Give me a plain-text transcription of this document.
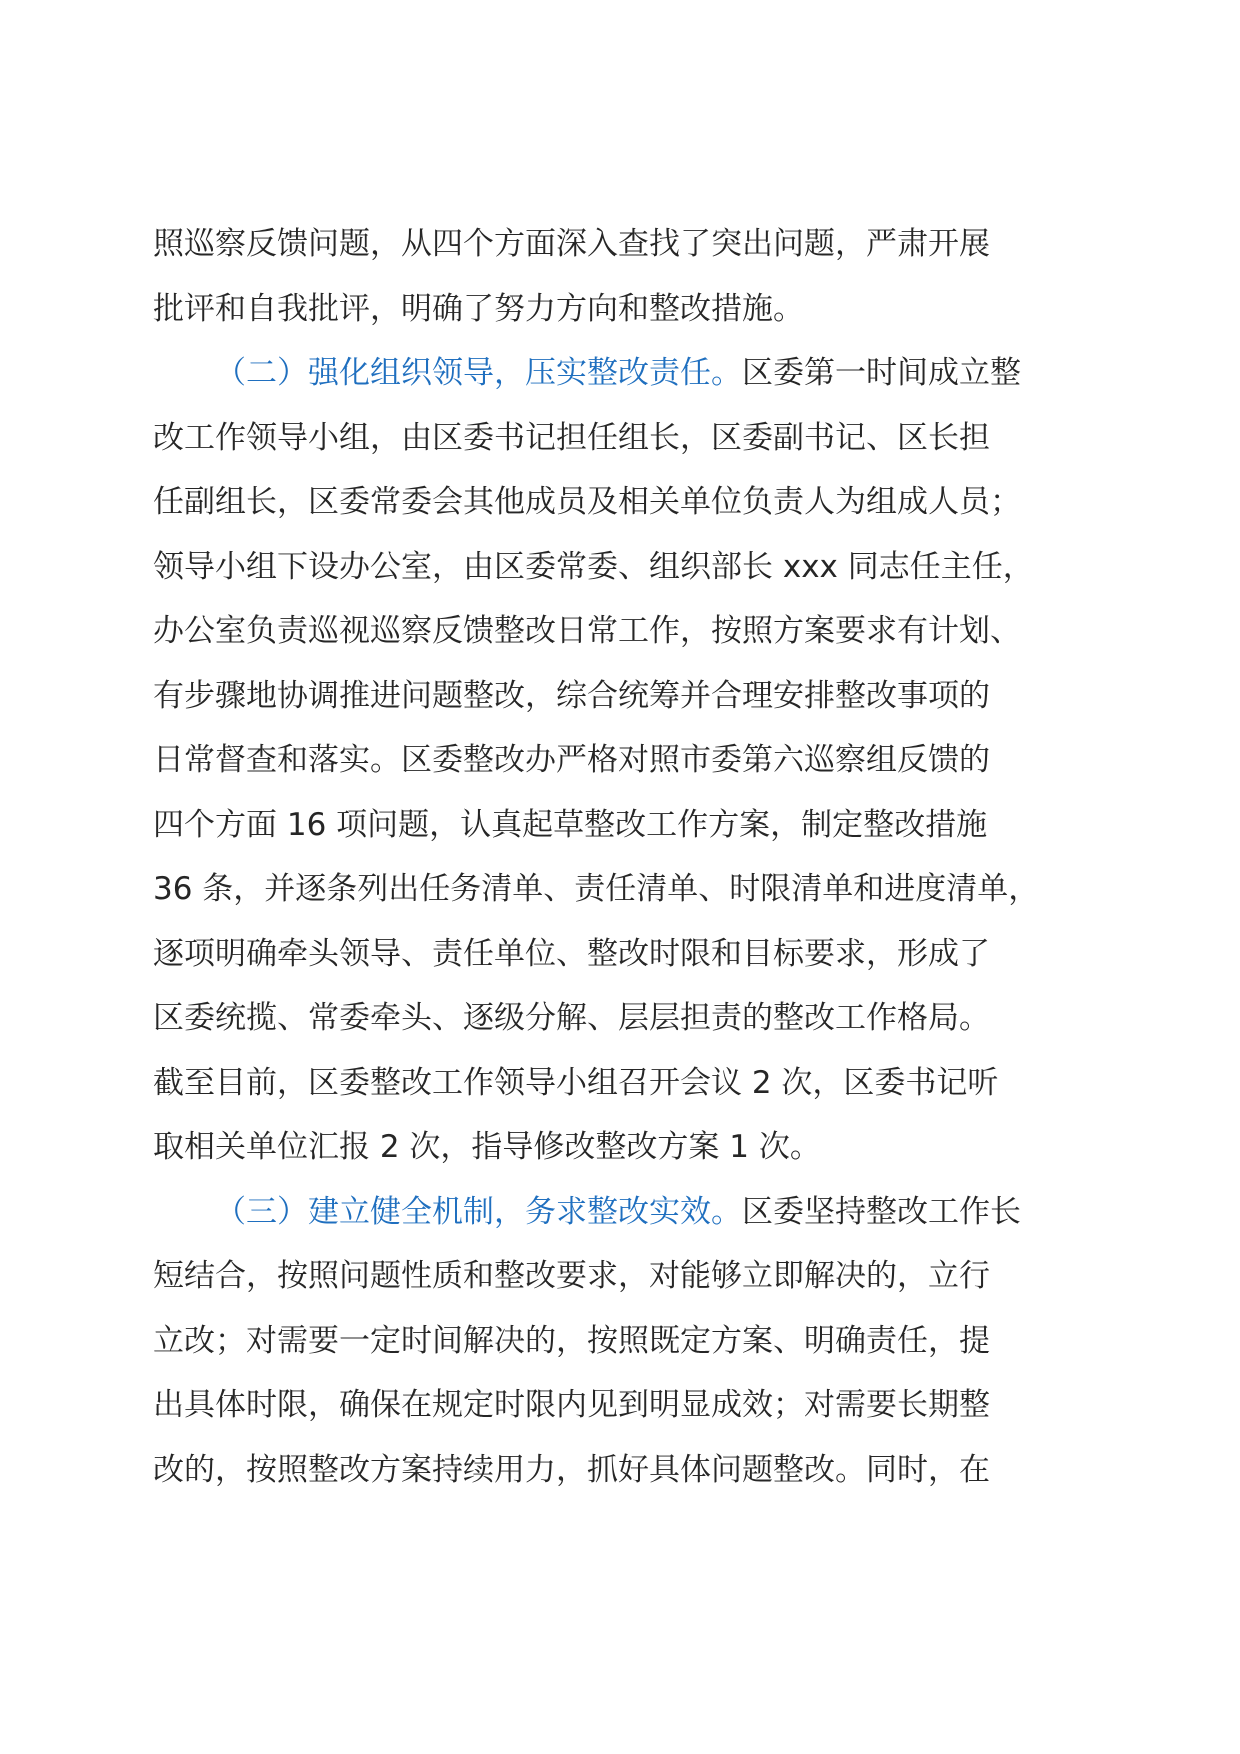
照巡察反馈问题，从四个方面深入查找了突出问题，严肃开展
批评和自我批评，明确了努力方向和整改措施。
（二）强化组织领导，压实整改责任。区委第一时间成立整
改工作领导小组，由区委书记担任组长，区委副书记、区长担
任副组长，区委常委会其他成员及相关单位负责人为组成人员；
领导小组下设办公室，由区委常委、组织部长 xxx 同志任主任，
办公室负责巡视巡察反馈整改日常工作，按照方案要求有计划、
有步骤地协调推进问题整改，综合统筹并合理安排整改事项的
日常督查和落实。区委整改办严格对照市委第六巡察组反馈的
四个方面 16 项问题，认真起草整改工作方案，制定整改措施
36 条，并逐条列出任务清单、责任清单、时限清单和进度清单，
逐项明确牵头领导、责任单位、整改时限和目标要求，形成了
区委统揽、常委牵头、逐级分解、层层担责的整改工作格局。
截至目前，区委整改工作领导小组召开会议 2 次，区委书记听
取相关单位汇报 2 次，指导修改整改方案 1 次。
（三）建立健全机制，务求整改实效。区委坚持整改工作长
短结合，按照问题性质和整改要求，对能够立即解决的，立行
立改；对需要一定时间解决的，按照既定方案、明确责任，提
出具体时限，确保在规定时限内见到明显成效；对需要长期整
改的，按照整改方案持续用力，抓好具体问题整改。同时，在
